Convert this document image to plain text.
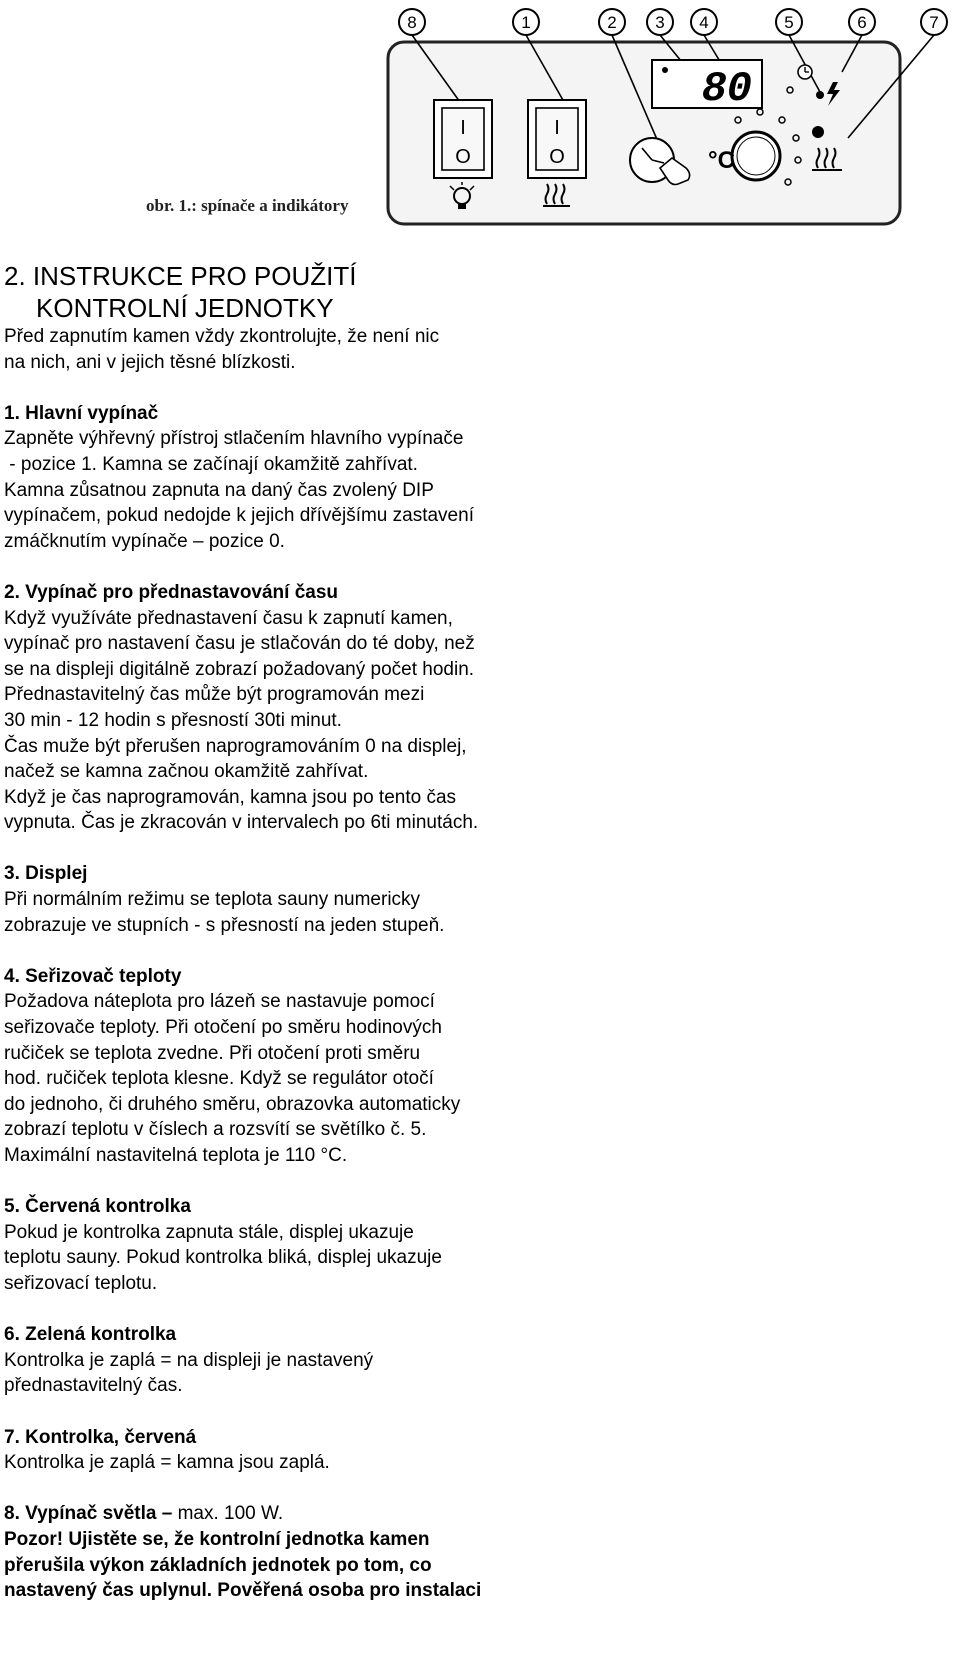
8	1	2 3 4	5	6	7
I
O
I
O
80
°C
obr. 1.: spínače a indikátory
2. INSTRUKCE PRO POUŽITÍ
KONTROLNÍ JEDNOTKY

Před zapnutím kamen vždy zkontrolujte, že není nic

na nich, ani v jejich těsné blízkosti.

1. Hlavní vypínač

Zapněte výhřevný přístroj stlačením hlavního vypínače

- pozice 1. Kamna se začínají okamžitě zahřívat.

Kamna zůsatnou zapnuta na daný čas zvolený DIP

vypínačem, pokud nedojde k jejich dřívějšímu zastavení

zmáčknutím vypínače – pozice 0.

2. Vypínač pro přednastavování času

Když využíváte přednastavení času k zapnutí kamen,

vypínač pro nastavení času je stlačován do té doby, než

se na displeji digitálně zobrazí požadovaný počet hodin.

Přednastavitelný čas může být programován mezi

30 min - 12 hodin s přesností 30ti minut.

Čas muže být přerušen naprogramováním 0 na displej,

načež se kamna začnou okamžitě zahřívat.

Když je čas naprogramován, kamna jsou po tento čas

vypnuta. Čas je zkracován v intervalech po 6ti minutách.

3. Displej

Při normálním režimu se teplota sauny numericky

zobrazuje ve stupních - s přesností na jeden stupeň.

4. Seřizovač teploty

Požadova náteplota pro lázeň se nastavuje pomocí

seřizovače teploty. Při otočení po směru hodinových

ručiček se teplota zvedne. Při otočení proti směru

hod. ručiček teplota klesne. Když se regulátor otočí

do jednoho, či druhého směru, obrazovka automaticky

zobrazí teplotu v číslech a rozsvítí se světílko č. 5.

Maximální nastavitelná teplota je 110 °C.

5. Červená kontrolka

Pokud je kontrolka zapnuta stále, displej ukazuje

teplotu sauny. Pokud kontrolka bliká, displej ukazuje

seřizovací teplotu.

6. Zelená kontrolka

Kontrolka je zaplá = na displeji je nastavený

přednastavitelný čas.

7. Kontrolka, červená

Kontrolka je zaplá = kamna jsou zaplá.

8. Vypínač světla – max. 100 W.

Pozor! Ujistěte se, že kontrolní jednotka kamen

přerušila výkon základních jednotek po tom, co

nastavený čas uplynul. Pověřená osoba pro instalaci
